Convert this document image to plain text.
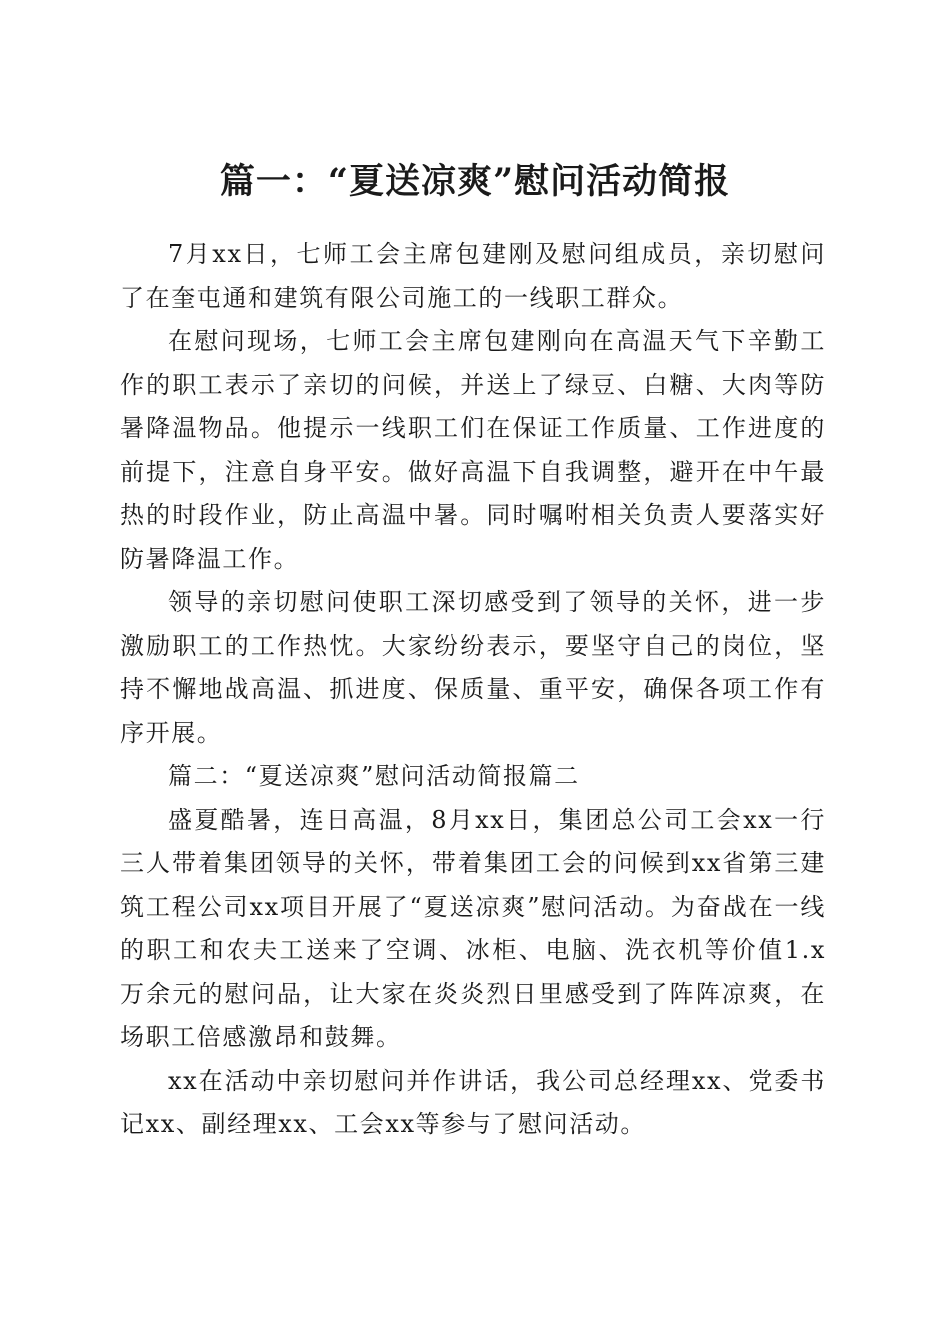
篇一：“夏送凉爽”慰问活动简报

7月xx日，七师工会主席包建刚及慰问组成员，亲切慰问了在奎屯通和建筑有限公司施工的一线职工群众。

在慰问现场，七师工会主席包建刚向在高温天气下辛勤工作的职工表示了亲切的问候，并送上了绿豆、白糖、大肉等防暑降温物品。他提示一线职工们在保证工作质量、工作进度的前提下，注意自身平安。做好高温下自我调整，避开在中午最热的时段作业，防止高温中暑。同时嘱咐相关负责人要落实好防暑降温工作。

领导的亲切慰问使职工深切感受到了领导的关怀，进一步激励职工的工作热忱。大家纷纷表示，要坚守自己的岗位，坚持不懈地战高温、抓进度、保质量、重平安，确保各项工作有序开展。

篇二：“夏送凉爽”慰问活动简报篇二

盛夏酷暑，连日高温，8月xx日，集团总公司工会xx一行三人带着集团领导的关怀，带着集团工会的问候到xx省第三建筑工程公司xx项目开展了“夏送凉爽”慰问活动。为奋战在一线的职工和农夫工送来了空调、冰柜、电脑、洗衣机等价值1.x万余元的慰问品，让大家在炎炎烈日里感受到了阵阵凉爽，在场职工倍感激昂和鼓舞。

xx在活动中亲切慰问并作讲话，我公司总经理xx、党委书记xx、副经理xx、工会xx等参与了慰问活动。
